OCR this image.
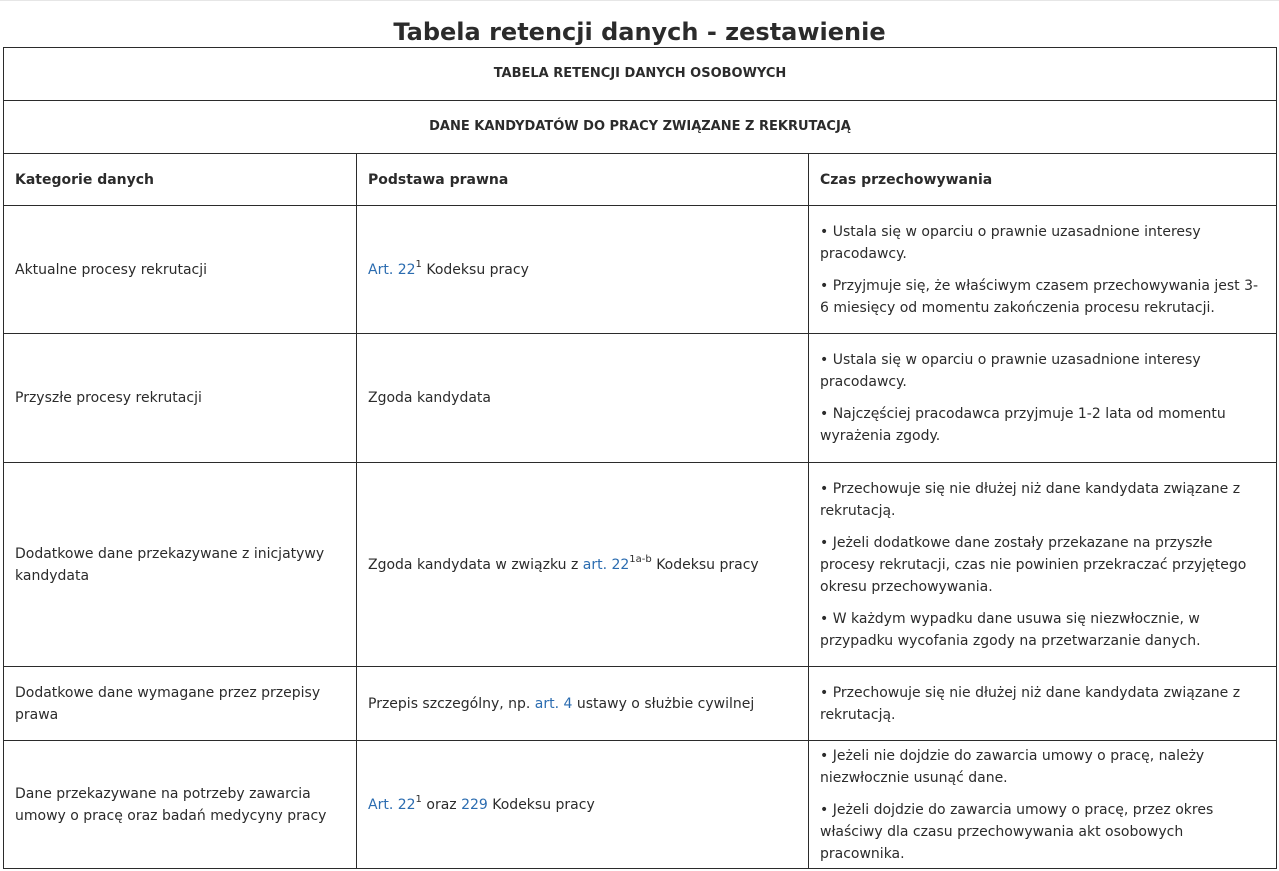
Tabela retencji danych - zestawienie
TABELA RETENCJI DANYCH OSOBOWYCH		
DANE KANDYDATÓW DO PRACY ZWIĄZANE Z REKRUTACJĄ		
Kategorie danych	Podstawa prawna	Czas przechowywania
Aktualne procesy rekrutacji	Art. $22^1$ Kodeksu pracy	• Ustala się w oparciu o prawnie uzasadnione interesy pracodawcy.

• Przyjmuje się, że właściwym czasem przechowywania jest 3-6 miesięcy od momentu zakończenia procesu rekrutacji.

Przyszłe procesy rekrutacji	Zgoda kandydata	• Ustala się w oparciu o prawnie uzasadnione interesy pracodawcy.

• Najczęściej pracodawca przyjmuje 1-2 lata od momentu wyrażenia zgody.

Dodatkowe dane przekazywane z inicjatywy kandydata	Zgoda kandydata w związku z art. $22^{1a-b}$ Kodeksu pracy	• Przechowuje się nie dłużej niż dane kandydata związane z rekrutacją.

• Jeżeli dodatkowe dane zostały przekazane na przyszłe procesy rekrutacji, czas nie powinien przekraczać przyjętego okresu przechowywania.

• W każdym wypadku dane usuwa się niezwłocznie, w przypadku wycofania zgody na przetwarzanie danych.

Dodatkowe dane wymagane przez przepisy prawa	Przepis szczególny, np. art. 4 ustawy o służbie cywilnej	• Przechowuje się nie dłużej niż dane kandydata związane z rekrutacją.

Dane przekazywane na potrzeby zawarcia umowy o pracę oraz badań medycyny pracy	Art. $22^1$ oraz 229 Kodeksu pracy	• Jeżeli nie dojdzie do zawarcia umowy o pracę, należy niezwłocznie usunąć dane.

• Jeżeli dojdzie do zawarcia umowy o pracę, przez okres właściwy dla czasu przechowywania akt osobowych pracownika.
